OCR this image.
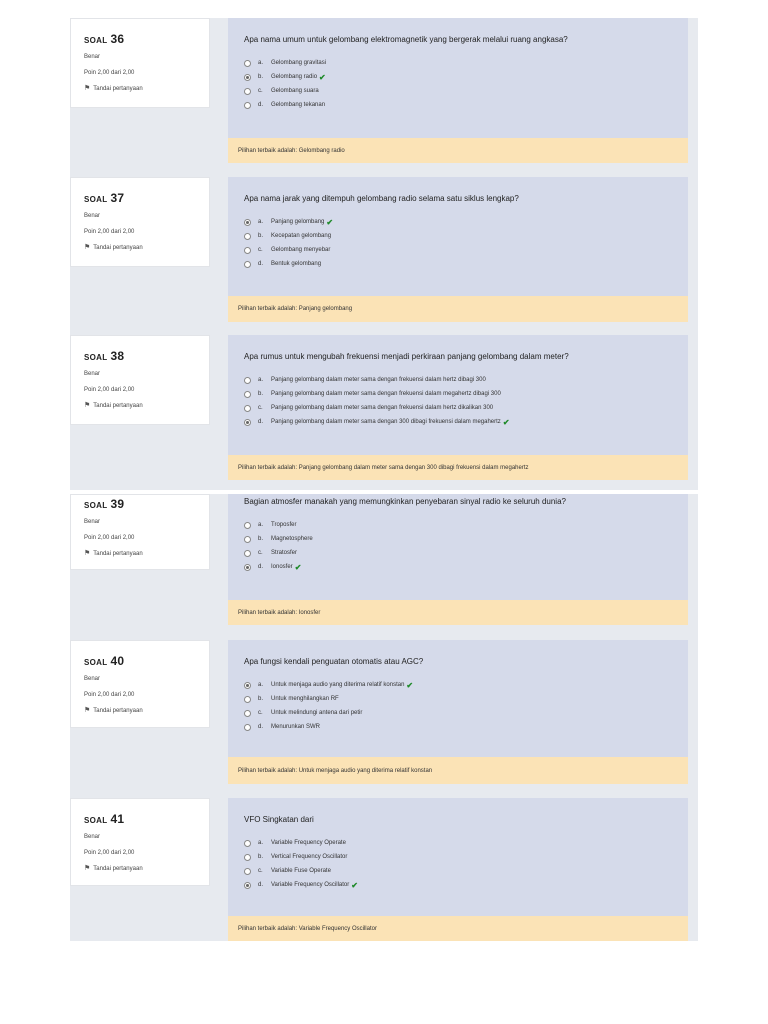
SOAL 36
Benar
Poin 2,00 dari 2,00
⚑ Tandai pertanyaan
Apa nama umum untuk gelombang elektromagnetik yang bergerak melalui ruang angkasa?
a.	Gelombang gravitasi
b.	Gelombang radio ✔
c.	Gelombang suara
d.	Gelombang tekanan
Pilihan terbaik adalah: Gelombang radio
SOAL 37
Benar
Poin 2,00 dari 2,00
⚑ Tandai pertanyaan
Apa nama jarak yang ditempuh gelombang radio selama satu siklus lengkap?
a.	Panjang gelombang ✔
b.	Kecepatan gelombang
c.	Gelombang menyebar
d.	Bentuk gelombang
Pilihan terbaik adalah: Panjang gelombang
SOAL 38
Benar
Poin 2,00 dari 2,00
⚑ Tandai pertanyaan
Apa rumus untuk mengubah frekuensi menjadi perkiraan panjang gelombang dalam meter?
a.	Panjang gelombang dalam meter sama dengan frekuensi dalam hertz dibagi 300
b.	Panjang gelombang dalam meter sama dengan frekuensi dalam megahertz dibagi 300
c.	Panjang gelombang dalam meter sama dengan frekuensi dalam hertz dikalikan 300
d.	Panjang gelombang dalam meter sama dengan 300 dibagi frekuensi dalam megahertz ✔
Pilihan terbaik adalah: Panjang gelombang dalam meter sama dengan 300 dibagi frekuensi dalam megahertz
SOAL 39
Benar
Poin 2,00 dari 2,00
⚑ Tandai pertanyaan
Bagian atmosfer manakah yang memungkinkan penyebaran sinyal radio ke seluruh dunia?
a.	Troposfer
b.	Magnetosphere
c.	Stratosfer
d.	Ionosfer ✔
Pilihan terbaik adalah: Ionosfer
SOAL 40
Benar
Poin 2,00 dari 2,00
⚑ Tandai pertanyaan
Apa fungsi kendali penguatan otomatis atau AGC?
a.	Untuk menjaga audio yang diterima relatif konstan ✔
b.	Untuk menghilangkan RF
c.	Untuk melindungi antena dari petir
d.	Menurunkan SWR
Pilihan terbaik adalah: Untuk menjaga audio yang diterima relatif konstan
SOAL 41
Benar
Poin 2,00 dari 2,00
⚑ Tandai pertanyaan
VFO Singkatan dari
a.	Variable Frequency Operate
b.	Vertical Frequency Oscillator
c.	Variable Fuse Operate
d.	Variable Frequency Oscillator ✔
Pilihan terbaik adalah: Variable Frequency Oscillator
